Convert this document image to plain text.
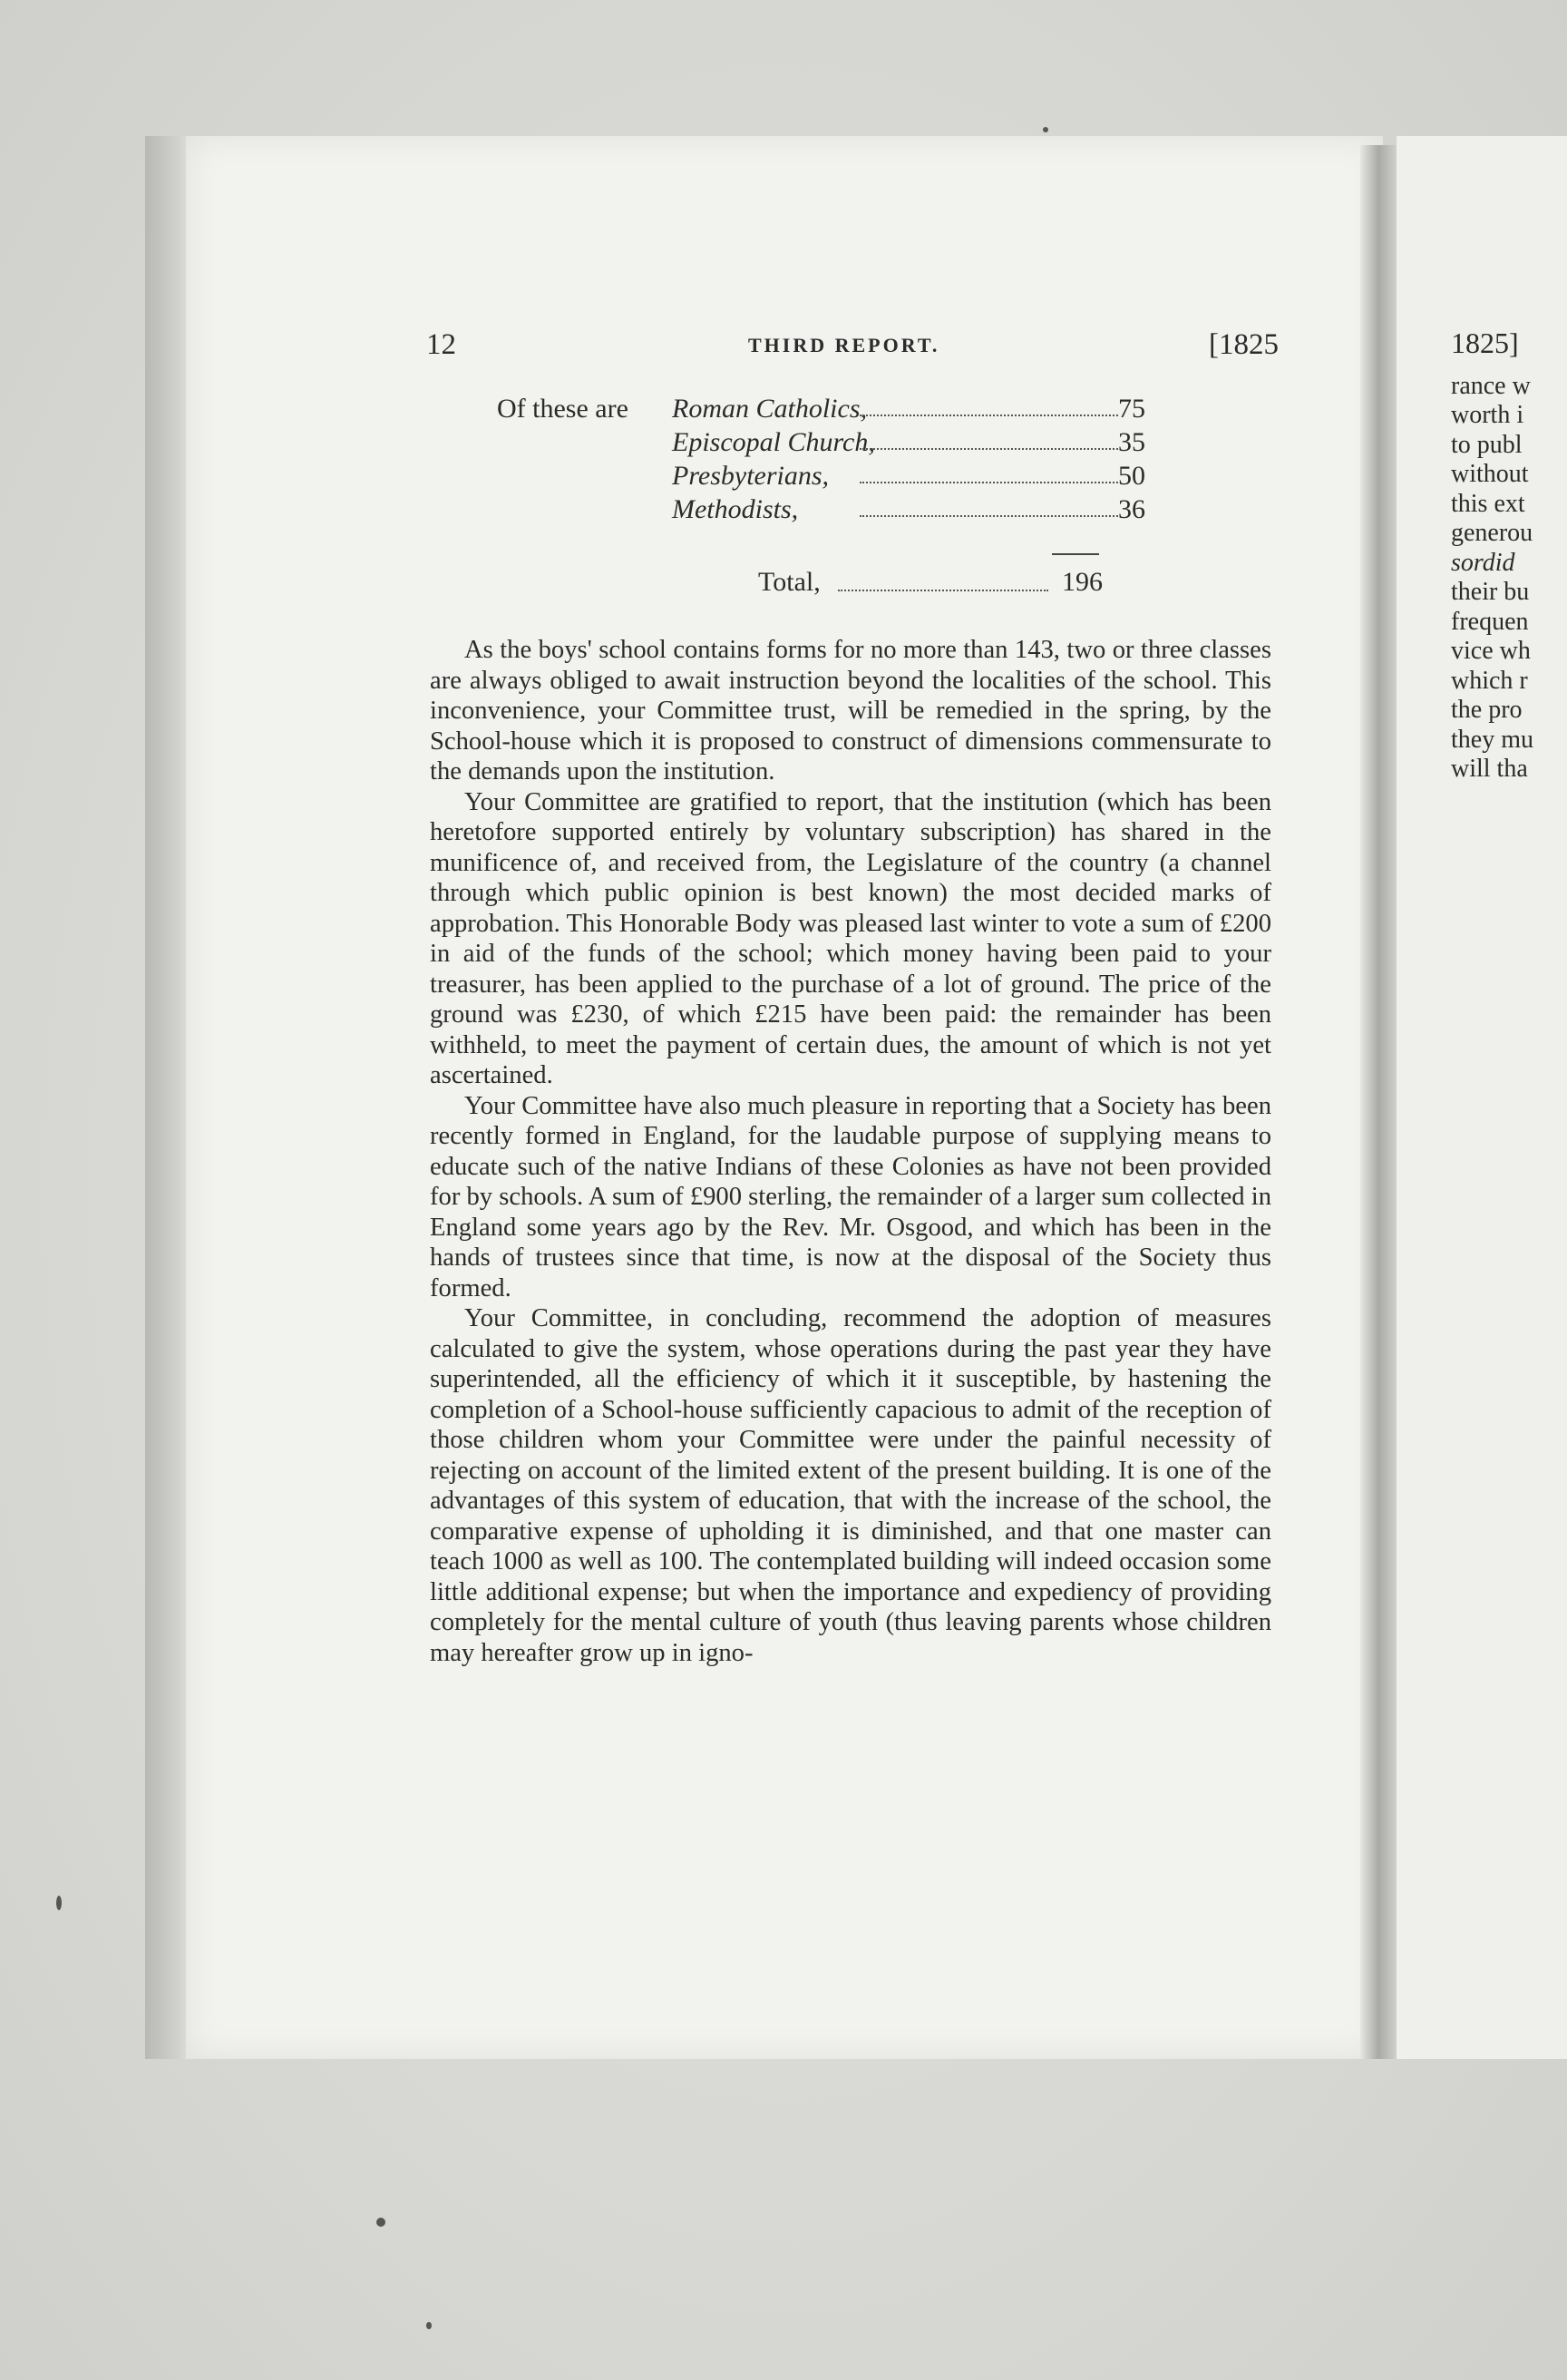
12	THIRD REPORT.	[1825
Of these are Roman Catholics,	75
Episcopal Church,	35
Presbyterians,	50
Methodists,	36
Total,	196

As the boys' school contains forms for no more than 143, two or three classes are always obliged to await instruction beyond the localities of the school. This inconvenience, your Committee trust, will be remedied in the spring, by the School-house which it is proposed to construct of dimensions commensurate to the demands upon the institution.

Your Committee are gratified to report, that the institution (which has been heretofore supported entirely by voluntary subscription) has shared in the munificence of, and received from, the Legislature of the country (a channel through which public opinion is best known) the most decided marks of approbation. This Honorable Body was pleased last winter to vote a sum of £200 in aid of the funds of the school; which money having been paid to your treasurer, has been applied to the purchase of a lot of ground. The price of the ground was £230, of which £215 have been paid: the remainder has been withheld, to meet the payment of certain dues, the amount of which is not yet ascertained.

Your Committee have also much pleasure in reporting that a Society has been recently formed in England, for the laudable purpose of supplying means to educate such of the native Indians of these Colonies as have not been provided for by schools. A sum of £900 sterling, the remainder of a larger sum collected in England some years ago by the Rev. Mr. Osgood, and which has been in the hands of trustees since that time, is now at the disposal of the Society thus formed.

Your Committee, in concluding, recommend the adoption of measures calculated to give the system, whose operations during the past year they have superintended, all the efficiency of which it it susceptible, by hastening the completion of a School-house sufficiently capacious to admit of the reception of those children whom your Committee were under the painful necessity of rejecting on account of the limited extent of the present building. It is one of the advantages of this system of education, that with the increase of the school, the comparative expense of upholding it is diminished, and that one master can teach 1000 as well as 100. The contemplated building will indeed occasion some little additional expense; but when the importance and expediency of providing completely for the mental culture of youth (thus leaving parents whose children may hereafter grow up in igno-

1825]
rance w
worth i
to publ
without
this ext
generou
sordid
their bu
frequen
vice wh
which r
the pro
they mu
will tha
